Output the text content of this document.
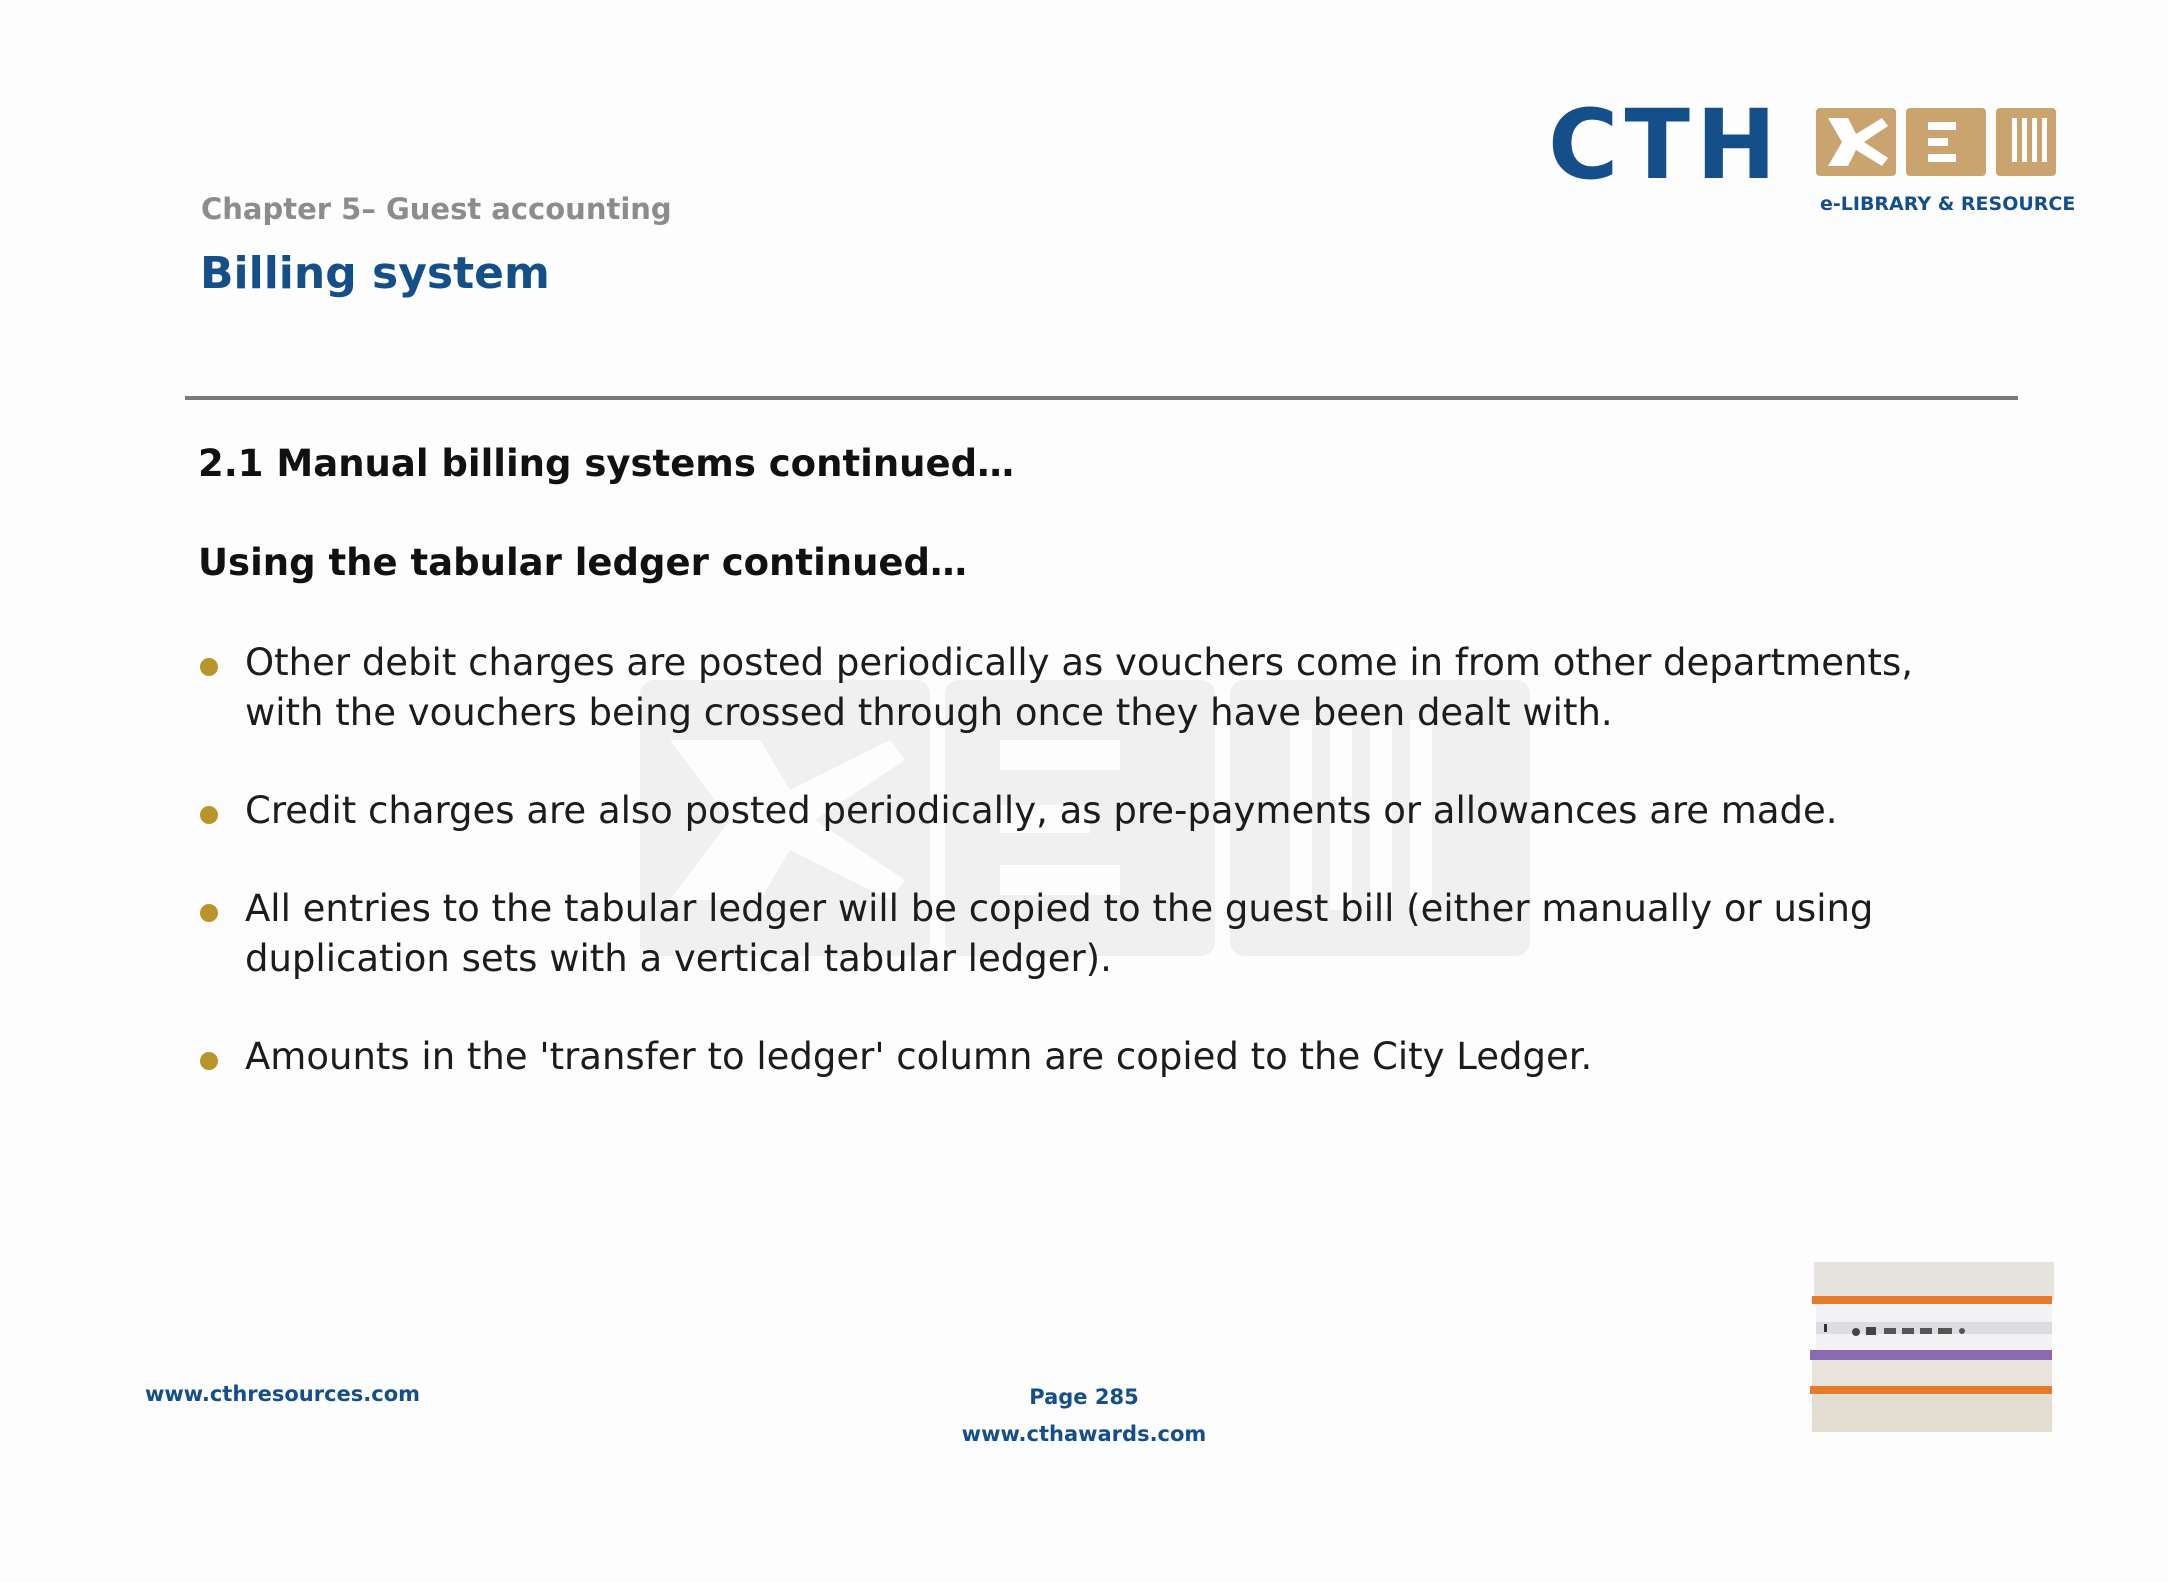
CTH
e-LIBRARY & RESOURCE
Chapter 5– Guest accounting
Billing system
2.1 Manual billing systems continued…
Using the tabular ledger continued…
Other debit charges are posted periodically as vouchers come in from other departments, with the vouchers being crossed through once they have been dealt with.
Credit charges are also posted periodically, as pre-payments or allowances are made.
All entries to the tabular ledger will be copied to the guest bill (either manually or using duplication sets with a vertical tabular ledger).
Amounts in the 'transfer to ledger' column are copied to the City Ledger.
www.cthresources.com	Page 285
www.cthawards.com
